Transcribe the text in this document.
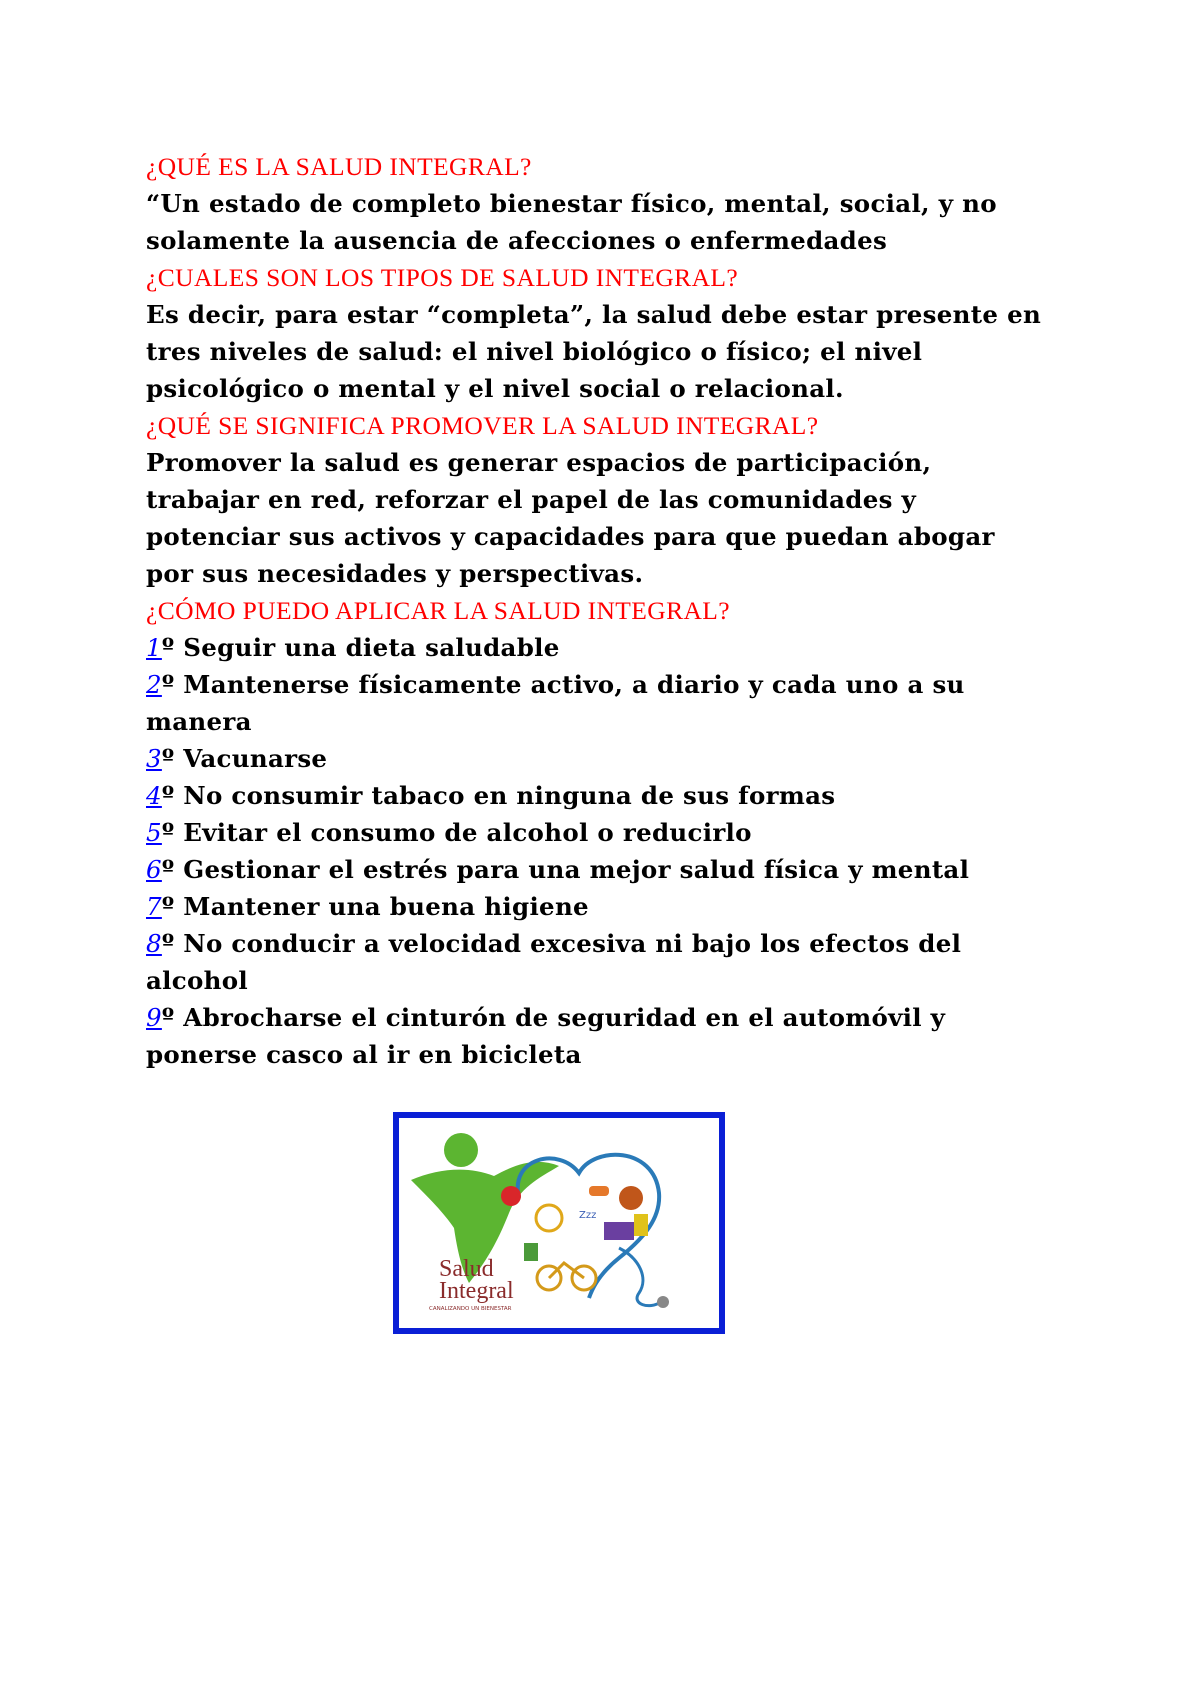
¿QUÉ ES LA SALUD INTEGRAL?

“Un estado de completo bienestar físico, mental, social, y no solamente la ausencia de afecciones o enfermedades

¿CUALES SON LOS TIPOS DE SALUD INTEGRAL?

Es decir, para estar “completa”, la salud debe estar presente en tres niveles de salud: el nivel biológico o físico; el nivel psicológico o mental y el nivel social o relacional.

¿QUÉ SE SIGNIFICA PROMOVER LA SALUD INTEGRAL?

Promover la salud es generar espacios de participación, trabajar en red, reforzar el papel de las comunidades y potenciar sus activos y capacidades para que puedan abogar por sus necesidades y perspectivas.

¿CÓMO PUEDO APLICAR LA SALUD INTEGRAL?

1º Seguir una dieta saludable

2º Mantenerse físicamente activo, a diario y cada uno a su manera

3º Vacunarse

4º No consumir tabaco en ninguna de sus formas

5º Evitar el consumo de alcohol o reducirlo

6º Gestionar el estrés para una mejor salud física y mental

7º Mantener una buena higiene

8º No conducir a velocidad excesiva ni bajo los efectos del alcohol

9º Abrocharse el cinturón de seguridad en el automóvil y ponerse casco al ir en bicicleta

Zzz
Salud
Integral
CANALIZANDO UN BIENESTAR
